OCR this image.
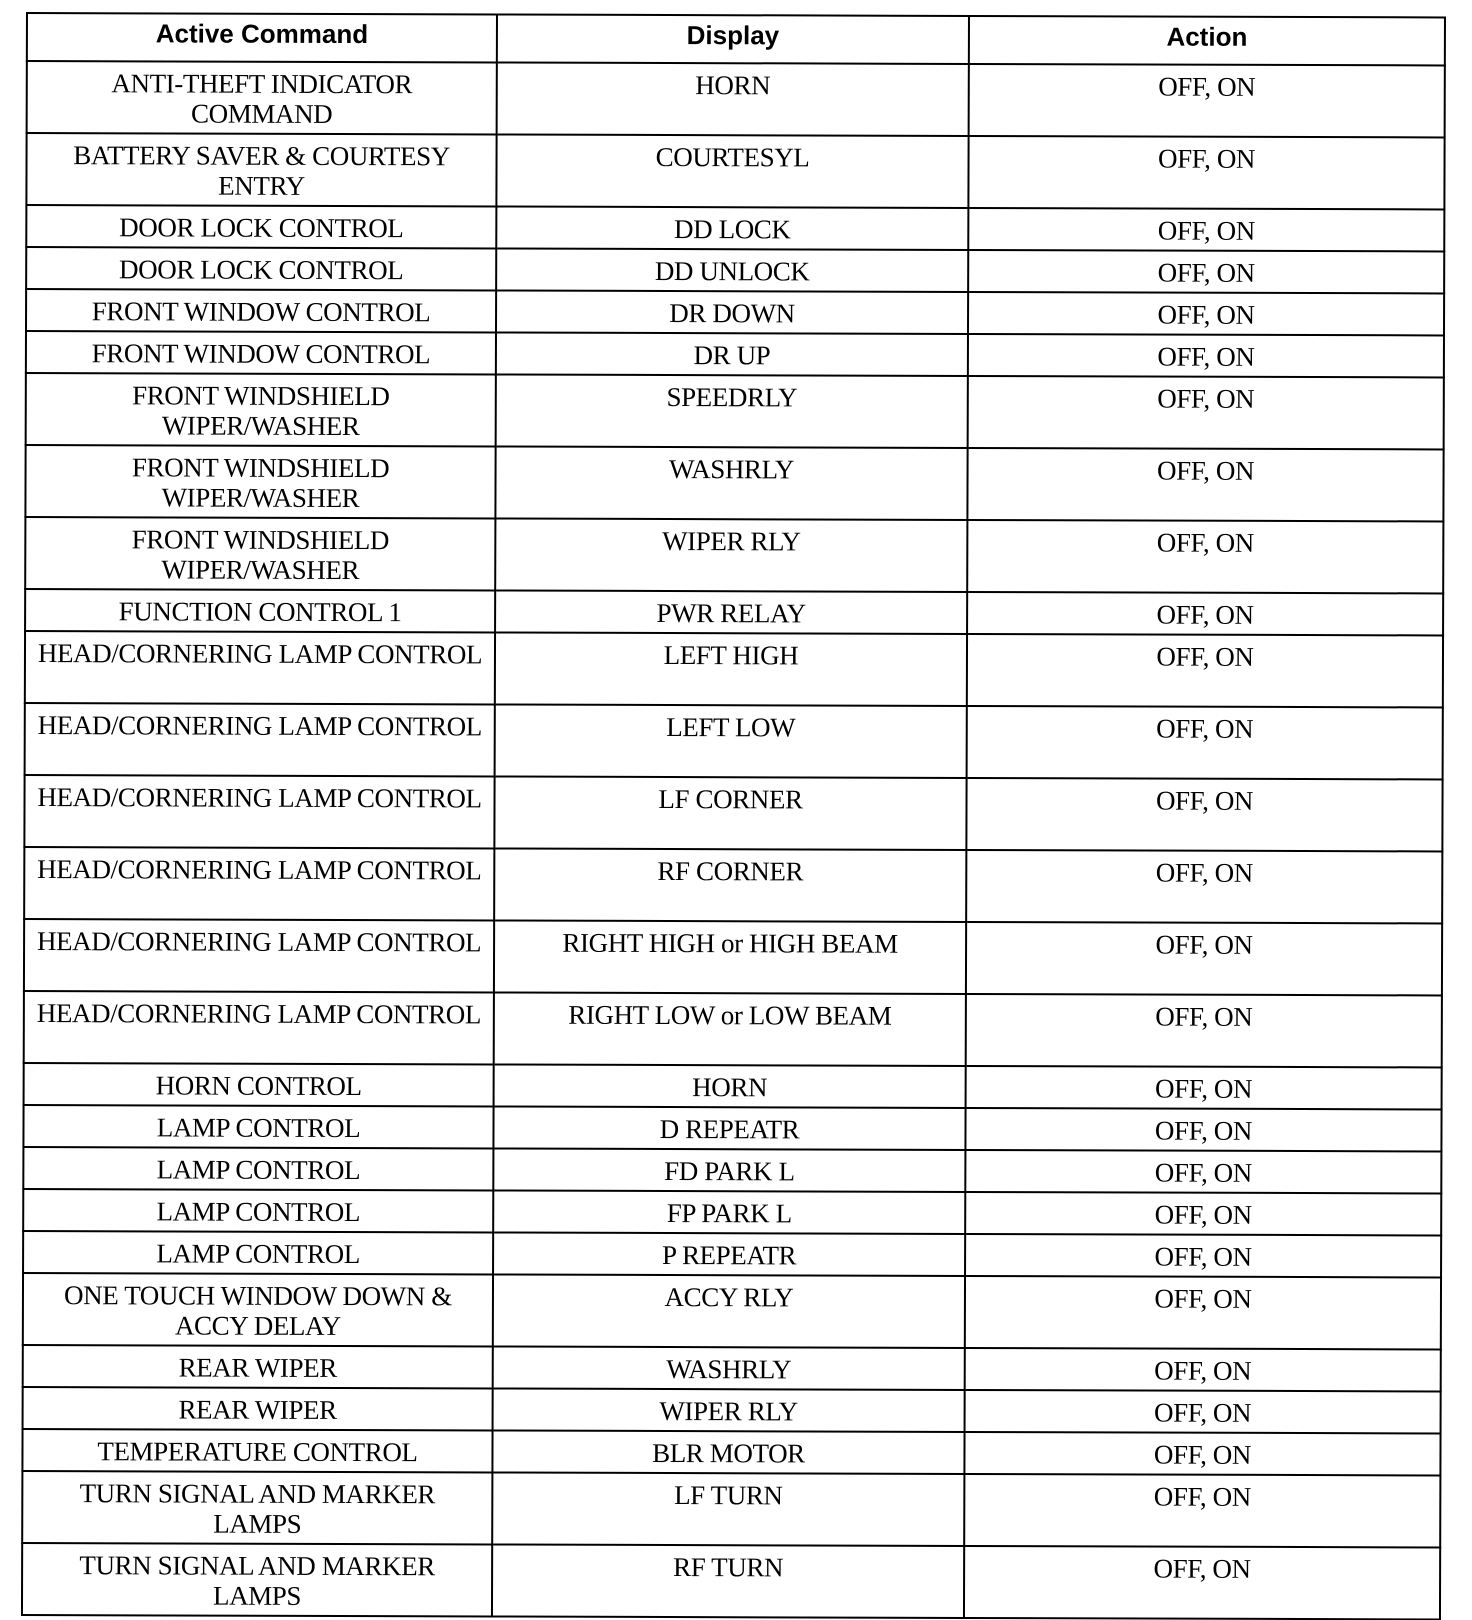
Active Command	Display	Action
ANTI-THEFT INDICATOR COMMAND	HORN	OFF, ON
BATTERY SAVER & COURTESY ENTRY	COURTESYL	OFF, ON
DOOR LOCK CONTROL	DD LOCK	OFF, ON
DOOR LOCK CONTROL	DD UNLOCK	OFF, ON
FRONT WINDOW CONTROL	DR DOWN	OFF, ON
FRONT WINDOW CONTROL	DR UP	OFF, ON
FRONT WINDSHIELD WIPER/WASHER	SPEEDRLY	OFF, ON
FRONT WINDSHIELD WIPER/WASHER	WASHRLY	OFF, ON
FRONT WINDSHIELD WIPER/WASHER	WIPER RLY	OFF, ON
FUNCTION CONTROL 1	PWR RELAY	OFF, ON
HEAD/CORNERING LAMP CONTROL	LEFT HIGH	OFF, ON
HEAD/CORNERING LAMP CONTROL	LEFT LOW	OFF, ON
HEAD/CORNERING LAMP CONTROL	LF CORNER	OFF, ON
HEAD/CORNERING LAMP CONTROL	RF CORNER	OFF, ON
HEAD/CORNERING LAMP CONTROL	RIGHT HIGH or HIGH BEAM	OFF, ON
HEAD/CORNERING LAMP CONTROL	RIGHT LOW or LOW BEAM	OFF, ON
HORN CONTROL	HORN	OFF, ON
LAMP CONTROL	D REPEATR	OFF, ON
LAMP CONTROL	FD PARK L	OFF, ON
LAMP CONTROL	FP PARK L	OFF, ON
LAMP CONTROL	P REPEATR	OFF, ON
ONE TOUCH WINDOW DOWN & ACCY DELAY	ACCY RLY	OFF, ON
REAR WIPER	WASHRLY	OFF, ON
REAR WIPER	WIPER RLY	OFF, ON
TEMPERATURE CONTROL	BLR MOTOR	OFF, ON
TURN SIGNAL AND MARKER LAMPS	LF TURN	OFF, ON
TURN SIGNAL AND MARKER LAMPS	RF TURN	OFF, ON
